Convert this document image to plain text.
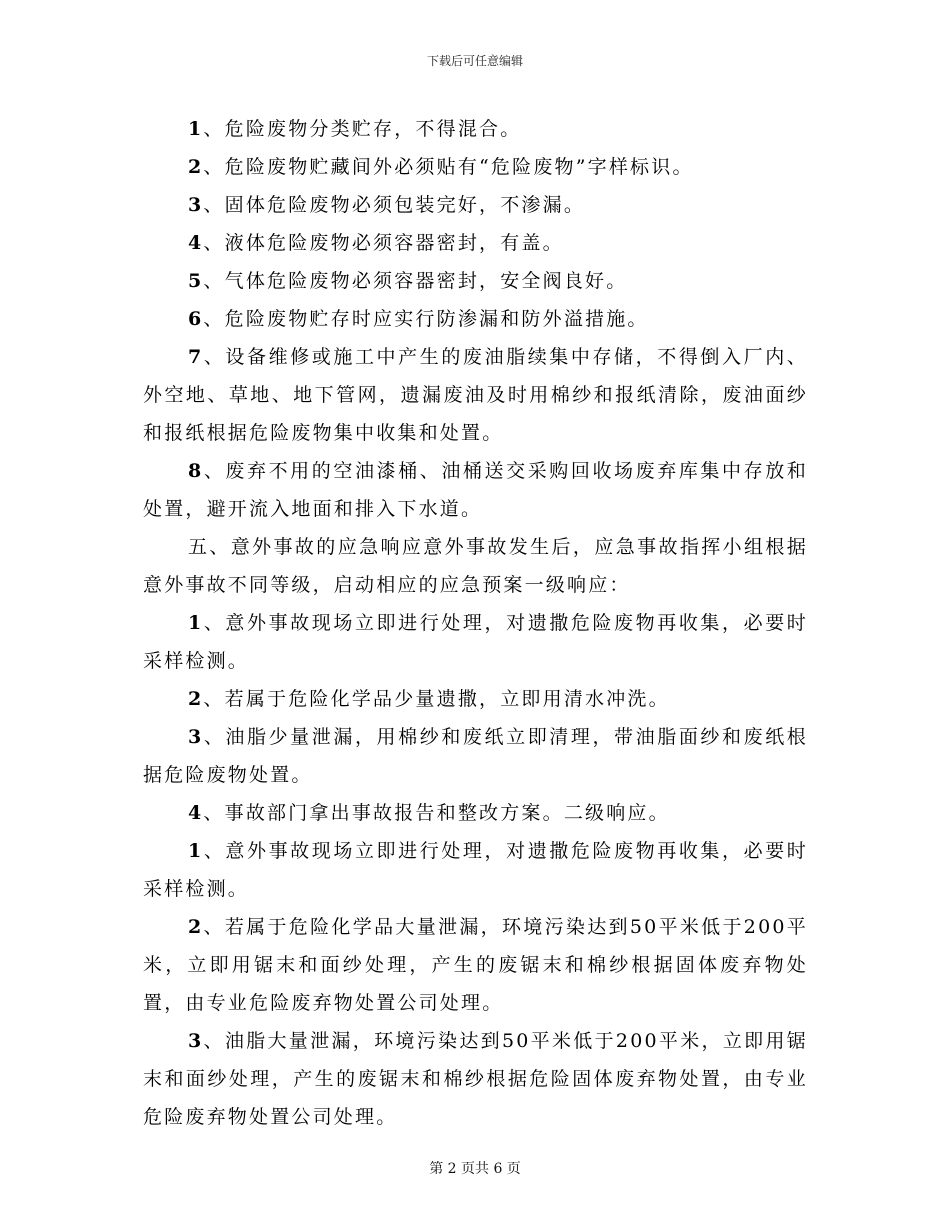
下载后可任意编辑

1、危险废物分类贮存，不得混合。

2、危险废物贮藏间外必须贴有“危险废物”字样标识。

3、固体危险废物必须包装完好，不渗漏。

4、液体危险废物必须容器密封，有盖。

5、气体危险废物必须容器密封，安全阀良好。

6、危险废物贮存时应实行防渗漏和防外溢措施。

7、设备维修或施工中产生的废油脂续集中存储，不得倒入厂内、外空地、草地、地下管网，遗漏废油及时用棉纱和报纸清除，废油面纱和报纸根据危险废物集中收集和处置。

8、废弃不用的空油漆桶、油桶送交采购回收场废弃库集中存放和处置，避开流入地面和排入下水道。

五、意外事故的应急响应意外事故发生后，应急事故指挥小组根据意外事故不同等级，启动相应的应急预案一级响应：

1、意外事故现场立即进行处理，对遗撒危险废物再收集，必要时采样检测。

2、若属于危险化学品少量遗撒，立即用清水冲洗。

3、油脂少量泄漏，用棉纱和废纸立即清理，带油脂面纱和废纸根据危险废物处置。

4、事故部门拿出事故报告和整改方案。二级响应。

1、意外事故现场立即进行处理，对遗撒危险废物再收集，必要时采样检测。

2、若属于危险化学品大量泄漏，环境污染达到50平米低于200平米，立即用锯末和面纱处理，产生的废锯末和棉纱根据固体废弃物处置，由专业危险废弃物处置公司处理。

3、油脂大量泄漏，环境污染达到50平米低于200平米，立即用锯末和面纱处理，产生的废锯末和棉纱根据危险固体废弃物处置，由专业危险废弃物处置公司处理。

第 2 页共 6 页
